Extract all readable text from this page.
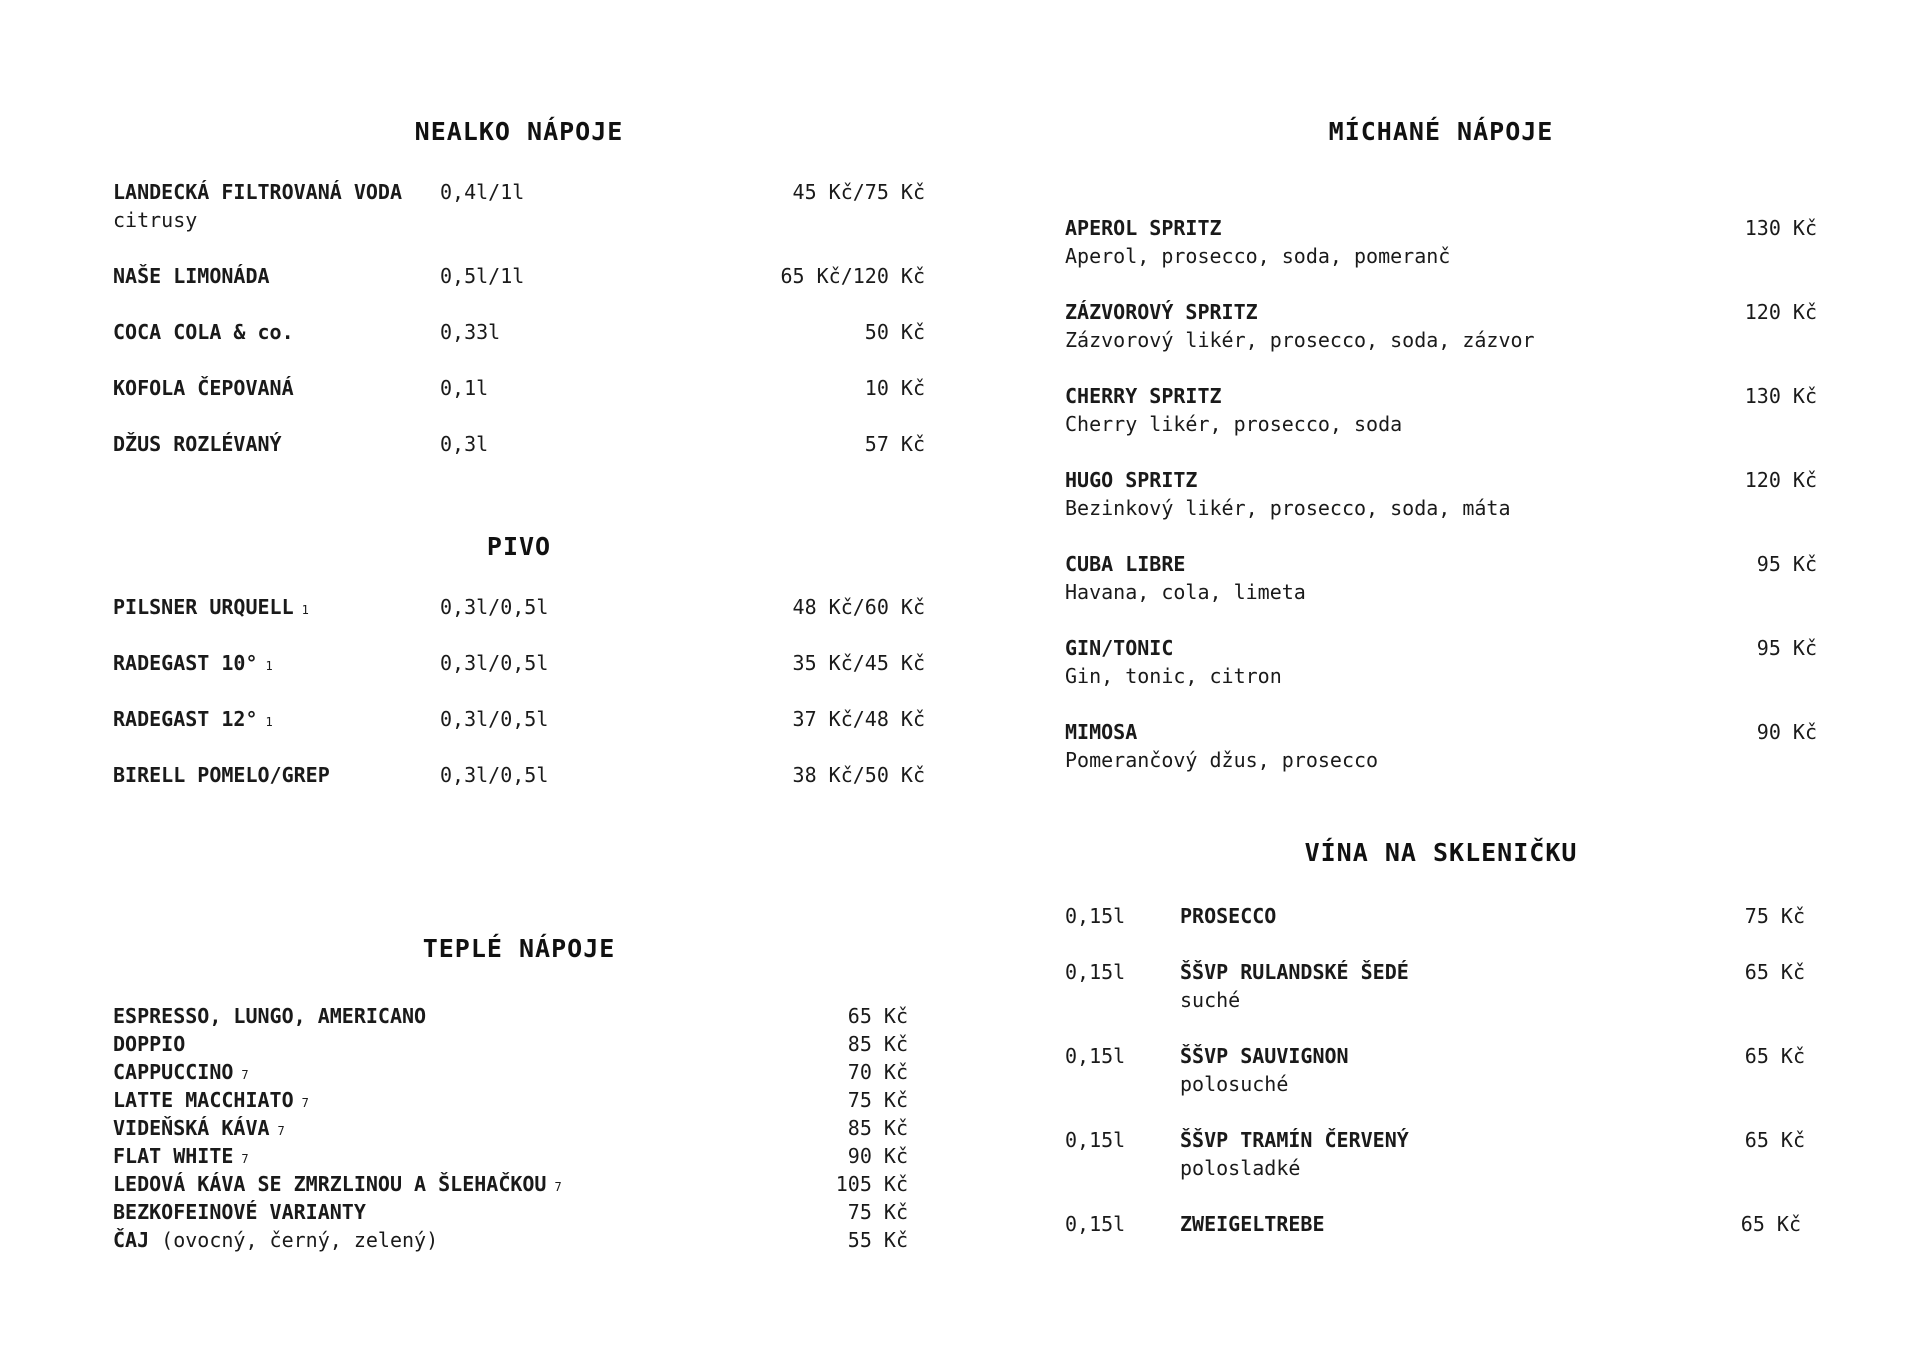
NEALKO NÁPOJE
LANDECKÁ FILTROVANÁ VODA 0,4l/1l	45 Kč/75 Kč
citrusy
NAŠE LIMONÁDA	0,5l/1l	65 Kč/120 Kč
COCA COLA & co.	0,33l	50 Kč
KOFOLA ČEPOVANÁ	0,1l	10 Kč
DŽUS ROZLÉVANÝ	0,3l	57 Kč
PIVO
PILSNER URQUELL 1	0,3l/0,5l	48 Kč/60 Kč
RADEGAST 10° 1	0,3l/0,5l	35 Kč/45 Kč
RADEGAST 12° 1	0,3l/0,5l	37 Kč/48 Kč
BIRELL POMELO/GREP	0,3l/0,5l	38 Kč/50 Kč
TEPLÉ NÁPOJE
ESPRESSO, LUNGO, AMERICANO	65 Kč
DOPPIO	85 Kč
CAPPUCCINO 7	70 Kč
LATTE MACCHIATO 7	75 Kč
VIDEŇSKÁ KÁVA 7	85 Kč
FLAT WHITE 7	90 Kč
LEDOVÁ KÁVA SE ZMRZLINOU A ŠLEHAČKOU 7	105 Kč
BEZKOFEINOVÉ VARIANTY	75 Kč
ČAJ (ovocný, černý, zelený)	55 Kč
MÍCHANÉ NÁPOJE
APEROL SPRITZ	130 Kč
Aperol, prosecco, soda, pomeranč
ZÁZVOROVÝ SPRITZ	120 Kč
Zázvorový likér, prosecco, soda, zázvor
CHERRY SPRITZ	130 Kč
Cherry likér, prosecco, soda
HUGO SPRITZ	120 Kč
Bezinkový likér, prosecco, soda, máta
CUBA LIBRE	95 Kč
Havana, cola, limeta
GIN/TONIC	95 Kč
Gin, tonic, citron
MIMOSA	90 Kč
Pomerančový džus, prosecco
VÍNA NA SKLENIČKU
0,15l	PROSECCO	75 Kč
0,15l	ŠŠVP RULANDSKÉ ŠEDÉ	65 Kč
suché
0,15l	ŠŠVP SAUVIGNON	65 Kč
polosuché
0,15l	ŠŠVP TRAMÍN ČERVENÝ	65 Kč
polosladké
0,15l	ZWEIGELTREBE	65 Kč
